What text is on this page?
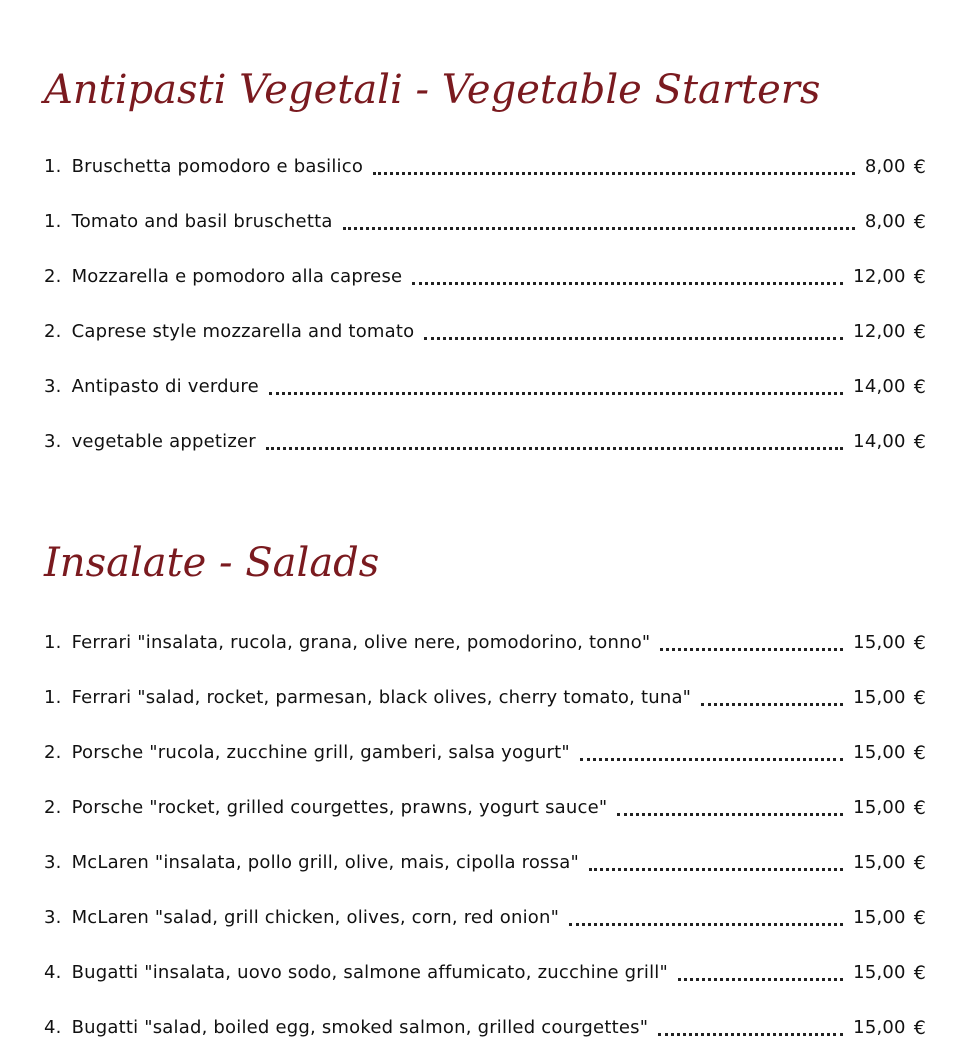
Antipasti Vegetali - Vegetable Starters
1. Bruschetta pomodoro e basilico	8,00 €
1. Tomato and basil bruschetta	8,00 €
2. Mozzarella e pomodoro alla caprese	12,00 €
2. Caprese style mozzarella and tomato	12,00 €
3. Antipasto di verdure	14,00 €
3. vegetable appetizer	14,00 €
Insalate - Salads
1. Ferrari "insalata, rucola, grana, olive nere, pomodorino, tonno"	15,00 €
1. Ferrari "salad, rocket, parmesan, black olives, cherry tomato, tuna"	15,00 €
2. Porsche "rucola, zucchine grill, gamberi, salsa yogurt"	15,00 €
2. Porsche "rocket, grilled courgettes, prawns, yogurt sauce"	15,00 €
3. McLaren "insalata, pollo grill, olive, mais, cipolla rossa"	15,00 €
3. McLaren "salad, grill chicken, olives, corn, red onion"	15,00 €
4. Bugatti "insalata, uovo sodo, salmone affumicato, zucchine grill"	15,00 €
4. Bugatti "salad, boiled egg, smoked salmon, grilled courgettes"	15,00 €
